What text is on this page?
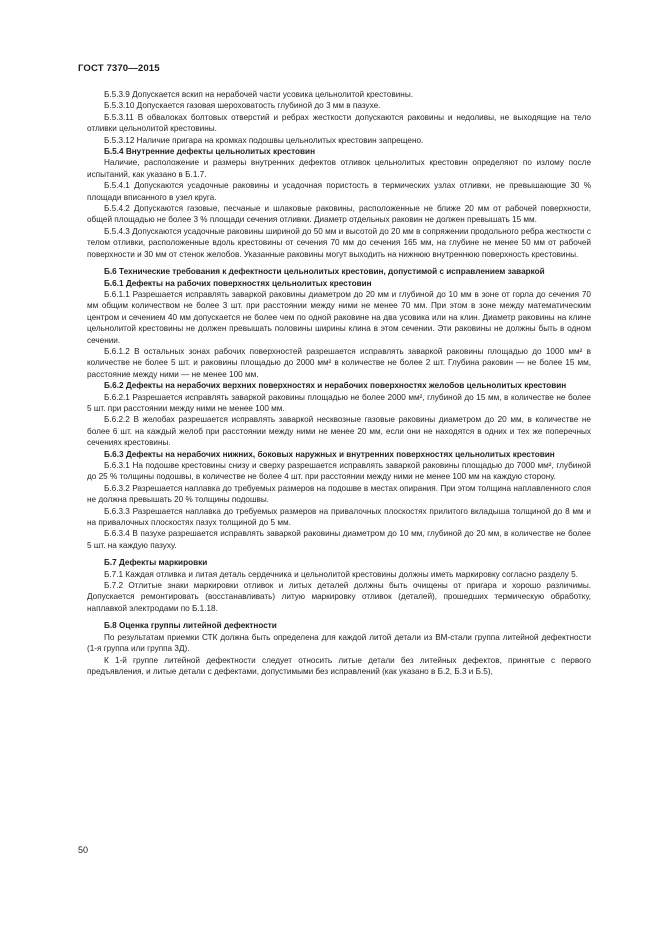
ГОСТ 7370—2015

Б.5.3.9 Допускается вскип на нерабочей части усовика цельнолитой крестовины.

Б.5.3.10 Допускается газовая шероховатость глубиной до 3 мм в пазухе.

Б.5.3.11 В обвалоках болтовых отверстий и ребрах жесткости допускаются раковины и недоливы, не выходящие на тело отливки цельнолитой крестовины.

Б.5.3.12 Наличие пригара на кромках подошвы цельнолитых крестовин запрещено.

Б.5.4 Внутренние дефекты цельнолитых крестовин

Наличие, расположение и размеры внутренних дефектов отливок цельнолитых крестовин определяют по излому после испытаний, как указано в Б.1.7.

Б.5.4.1 Допускаются усадочные раковины и усадочная пористость в термических узлах отливки, не превышающие 30 % площади вписанного в узел круга.

Б.5.4.2 Допускаются газовые, песчаные и шлаковые раковины, расположенные не ближе 20 мм от рабочей поверхности, общей площадью не более 3 % площади сечения отливки. Диаметр отдельных раковин не должен превышать 15 мм.

Б.5.4.3 Допускаются усадочные раковины шириной до 50 мм и высотой до 20 мм в сопряжении продольного ребра жесткости с телом отливки, расположенные вдоль крестовины от сечения 70 мм до сечения 165 мм, на глубине не менее 50 мм от рабочей поверхности и 30 мм от стенок желобов. Указанные раковины могут выходить на нижнюю внутреннюю поверхность крестовины.

Б.6 Технические требования к дефектности цельнолитых крестовин, допустимой с исправлением заваркой

Б.6.1 Дефекты на рабочих поверхностях цельнолитых крестовин

Б.6.1.1 Разрешается исправлять заваркой раковины диаметром до 20 мм и глубиной до 10 мм в зоне от горла до сечения 70 мм общим количеством не более 3 шт. при расстоянии между ними не менее 70 мм. При этом в зоне между математическим центром и сечением 40 мм допускается не более чем по одной раковине на два усовика или на клин. Диаметр раковины на клине цельнолитой крестовины не должен превышать половины ширины клина в этом сечении. Эти раковины не должны быть в одном сечении.

Б.6.1.2 В остальных зонах рабочих поверхностей разрешается исправлять заваркой раковины площадью до 1000 мм² в количестве не более 5 шт. и раковины площадью до 2000 мм² в количестве не более 2 шт. Глубина раковин — не более 15 мм, расстояние между ними — не менее 100 мм.

Б.6.2 Дефекты на нерабочих верхних поверхностях и нерабочих поверхностях желобов цельнолитых крестовин

Б.6.2.1 Разрешается исправлять заваркой раковины площадью не более 2000 мм², глубиной до 15 мм, в количестве не более 5 шт. при расстоянии между ними не менее 100 мм.

Б.6.2.2 В желобах разрешается исправлять заваркой несквозные газовые раковины диаметром до 20 мм, в количестве не более 6 шт. на каждый желоб при расстоянии между ними не менее 20 мм, если они не находятся в одних и тех же поперечных сечениях крестовины.

Б.6.3 Дефекты на нерабочих нижних, боковых наружных и внутренних поверхностях цельнолитых крестовин

Б.6.3.1 На подошве крестовины снизу и сверху разрешается исправлять заваркой раковины площадью до 7000 мм², глубиной до 25 % толщины подошвы, в количестве не более 4 шт. при расстоянии между ними не менее 100 мм на каждую сторону.

Б.6.3.2 Разрешается наплавка до требуемых размеров на подошве в местах опирания. При этом толщина наплавленного слоя не должна превышать 20 % толщины подошвы.

Б.6.3.3 Разрешается наплавка до требуемых размеров на привалочных плоскостях прилитого вкладыша толщиной до 8 мм и на привалочных плоскостях пазух толщиной до 5 мм.

Б.6.3.4 В пазухе разрешается исправлять заваркой раковины диаметром до 10 мм, глубиной до 20 мм, в количестве не более 5 шт. на каждую пазуху.

Б.7 Дефекты маркировки

Б.7.1 Каждая отливка и литая деталь сердечника и цельнолитой крестовины должны иметь маркировку согласно разделу 5.

Б.7.2 Отлитые знаки маркировки отливок и литых деталей должны быть очищены от пригара и хорошо различимы. Допускается ремонтировать (восстанавливать) литую маркировку отливок (деталей), прошедших термическую обработку, наплавкой электродами по Б.1.18.

Б.8 Оценка группы литейной дефектности

По результатам приемки СТК должна быть определена для каждой литой детали из ВМ-стали группа литейной дефектности (1-я группа или группа 3Д).

К 1-й группе литейной дефектности следует относить литые детали без литейных дефектов, принятые с первого предъявления, и литые детали с дефектами, допустимыми без исправлений (как указано в Б.2, Б.3 и Б.5),

50
